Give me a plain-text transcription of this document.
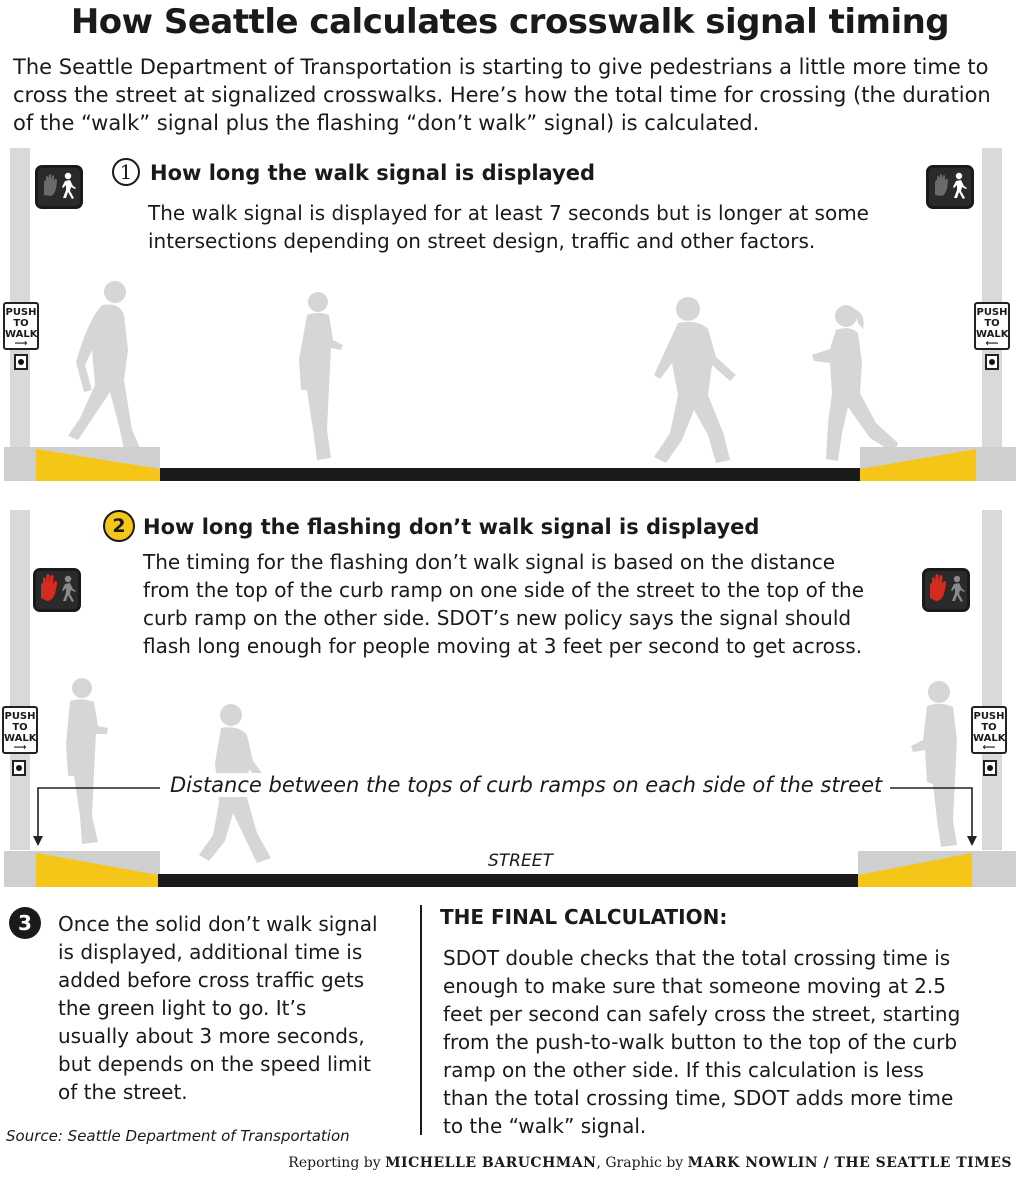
How Seattle calculates crosswalk signal timing
The Seattle Department of Transportation is starting to give pedestrians a little more time to cross the street at signalized crosswalks. Here’s how the total time for crossing (the duration of the “walk” signal plus the flashing “don’t walk” signal) is calculated.
PUSH
TO
WALK
⟶
PUSH
TO
WALK
⟵
1 How long the walk signal is displayed
The walk signal is displayed for at least 7 seconds but is longer at some intersections depending on street design, traffic and other factors.
PUSH
TO
WALK
⟶
PUSH
TO
WALK
⟵
2 How long the flashing don’t walk signal is displayed
The timing for the flashing don’t walk signal is based on the distance from the top of the curb ramp on one side of the street to the top of the curb ramp on the other side. SDOT’s new policy says the signal should flash long enough for people moving at 3 feet per second to get across.
Distance between the tops of curb ramps on each side of the street
STREET
3	Once the solid don’t walk signal is displayed, additional time is added before cross traffic gets the green light to go. It’s usually about 3 more seconds, but depends on the speed limit of the street.
THE FINAL CALCULATION:
SDOT double checks that the total crossing time is enough to make sure that someone moving at 2.5 feet per second can safely cross the street, starting from the push-to-walk button to the top of the curb ramp on the other side. If this calculation is less than the total crossing time, SDOT adds more time to the “walk” signal.
Source: Seattle Department of Transportation
Reporting by MICHELLE BARUCHMAN, Graphic by MARK NOWLIN / THE SEATTLE TIMES
